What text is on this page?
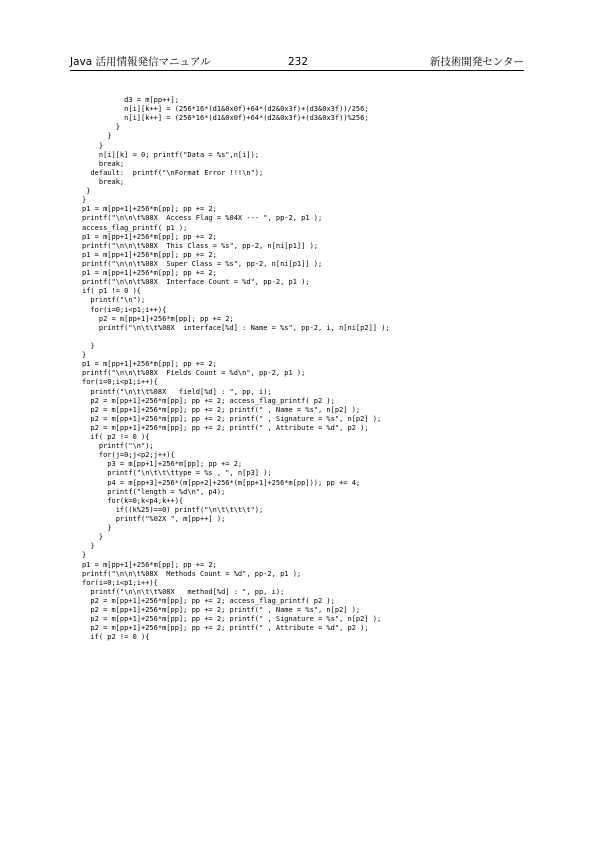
Java 活用情報発信マニュアル	232	新技術開発センター
d3 = m[pp++];
n[i][k++] = (256*16*(d1&0x0f)+64*(d2&0x3f)+(d3&0x3f))/256;
n[i][k++] = (256*16*(d1&0x0f)+64*(d2&0x3f)+(d3&0x3f))%256;
}
}
}
n[i][k] = 0; printf("Data = %s",n[i]);
break;
default:  printf("\nFormat Error !!!\n");
break;
}
}
p1 = m[pp+1]+256*m[pp]; pp += 2;
printf("\n\n\t%08X  Access Flag = %04X --- ", pp-2, p1 );
access_flag_printf( p1 );
p1 = m[pp+1]+256*m[pp]; pp += 2;
printf("\n\n\t%08X  This Class = %s", pp-2, n[ni[p1]] );
p1 = m[pp+1]+256*m[pp]; pp += 2;
printf("\n\n\t%08X  Super Class = %s", pp-2, n[ni[p1]] );
p1 = m[pp+1]+256*m[pp]; pp += 2;
printf("\n\n\t%08X  Interface Count = %d", pp-2, p1 );
if( p1 != 0 ){
printf("\n");
for(i=0;i<p1;i++){
p2 = m[pp+1]+256*m[pp]; pp += 2;
printf("\n\t\t%08X  interface[%d] : Name = %s", pp-2, i, n[ni[p2]] );
}
}
p1 = m[pp+1]+256*m[pp]; pp += 2;
printf("\n\n\t%08X  Fields Count = %d\n", pp-2, p1 );
for(i=0;i<p1;i++){
printf("\n\t\t%08X   field[%d] : ", pp, i);
p2 = m[pp+1]+256*m[pp]; pp += 2; access_flag_printf( p2 );
p2 = m[pp+1]+256*m[pp]; pp += 2; printf(" , Name = %s", n[p2] );
p2 = m[pp+1]+256*m[pp]; pp += 2; printf(" , Signature = %s", n[p2] );
p2 = m[pp+1]+256*m[pp]; pp += 2; printf(" , Attribute = %d", p2 );
if( p2 != 0 ){
printf("\n");
for(j=0;j<p2;j++){
p3 = m[pp+1]+256*m[pp]; pp += 2;
printf("\n\t\t\ttype = %s , ", n[p3] );
p4 = m[pp+3]+256*(m[pp+2]+256*(m[pp+1]+256*m[pp])); pp += 4;
printf("length = %d\n", p4);
for(k=0;k<p4;k++){
if((k%25)==0) printf("\n\t\t\t\t");
printf("%02X ", m[pp++] );
}
}
}
}
p1 = m[pp+1]+256*m[pp]; pp += 2;
printf("\n\n\t%08X  Methods Count = %d", pp-2, p1 );
for(i=0;i<p1;i++){
printf("\n\n\t\t%08X   method[%d] : ", pp, i);
p2 = m[pp+1]+256*m[pp]; pp += 2; access_flag_printf( p2 );
p2 = m[pp+1]+256*m[pp]; pp += 2; printf(" , Name = %s", n[p2] );
p2 = m[pp+1]+256*m[pp]; pp += 2; printf(" , Signature = %s", n[p2] );
p2 = m[pp+1]+256*m[pp]; pp += 2; printf(" , Attribute = %d", p2 );
if( p2 != 0 ){
